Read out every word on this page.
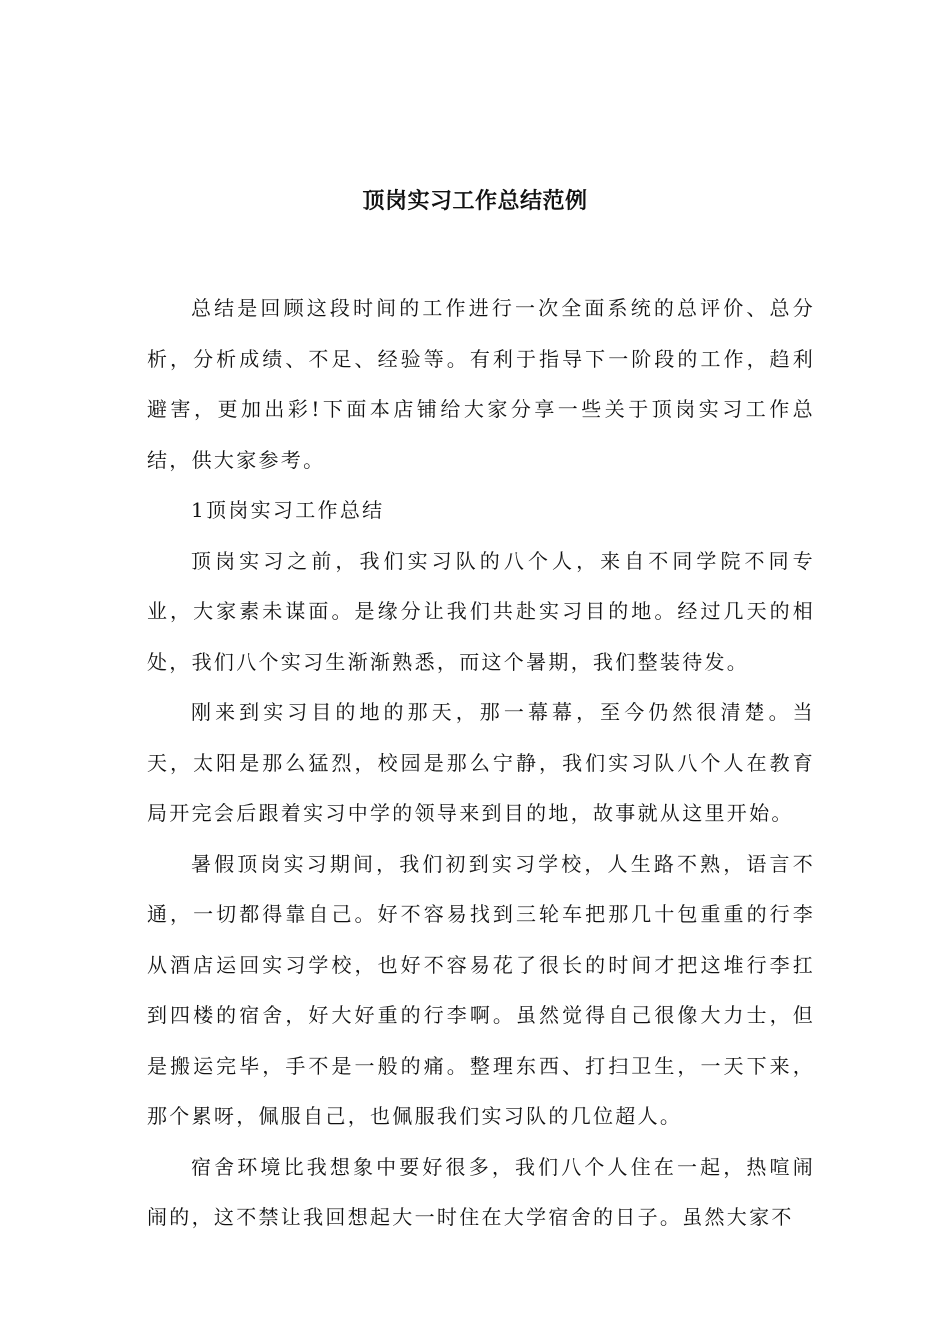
顶岗实习工作总结范例

总结是回顾这段时间的工作进行一次全面系统的总评价、总分析，分析成绩、不足、经验等。有利于指导下一阶段的工作，趋利避害，更加出彩!下面本店铺给大家分享一些关于顶岗实习工作总结，供大家参考。

1顶岗实习工作总结

顶岗实习之前，我们实习队的八个人，来自不同学院不同专业，大家素未谋面。是缘分让我们共赴实习目的地。经过几天的相处，我们八个实习生渐渐熟悉，而这个暑期，我们整装待发。

刚来到实习目的地的那天，那一幕幕，至今仍然很清楚。当天，太阳是那么猛烈，校园是那么宁静，我们实习队八个人在教育局开完会后跟着实习中学的领导来到目的地，故事就从这里开始。

暑假顶岗实习期间，我们初到实习学校，人生路不熟，语言不通，一切都得靠自己。好不容易找到三轮车把那几十包重重的行李从酒店运回实习学校，也好不容易花了很长的时间才把这堆行李扛到四楼的宿舍，好大好重的行李啊。虽然觉得自己很像大力士，但是搬运完毕，手不是一般的痛。整理东西、打扫卫生，一天下来，那个累呀，佩服自己，也佩服我们实习队的几位超人。

宿舍环境比我想象中要好很多，我们八个人住在一起，热喧闹闹的，这不禁让我回想起大一时住在大学宿舍的日子。虽然大家不
